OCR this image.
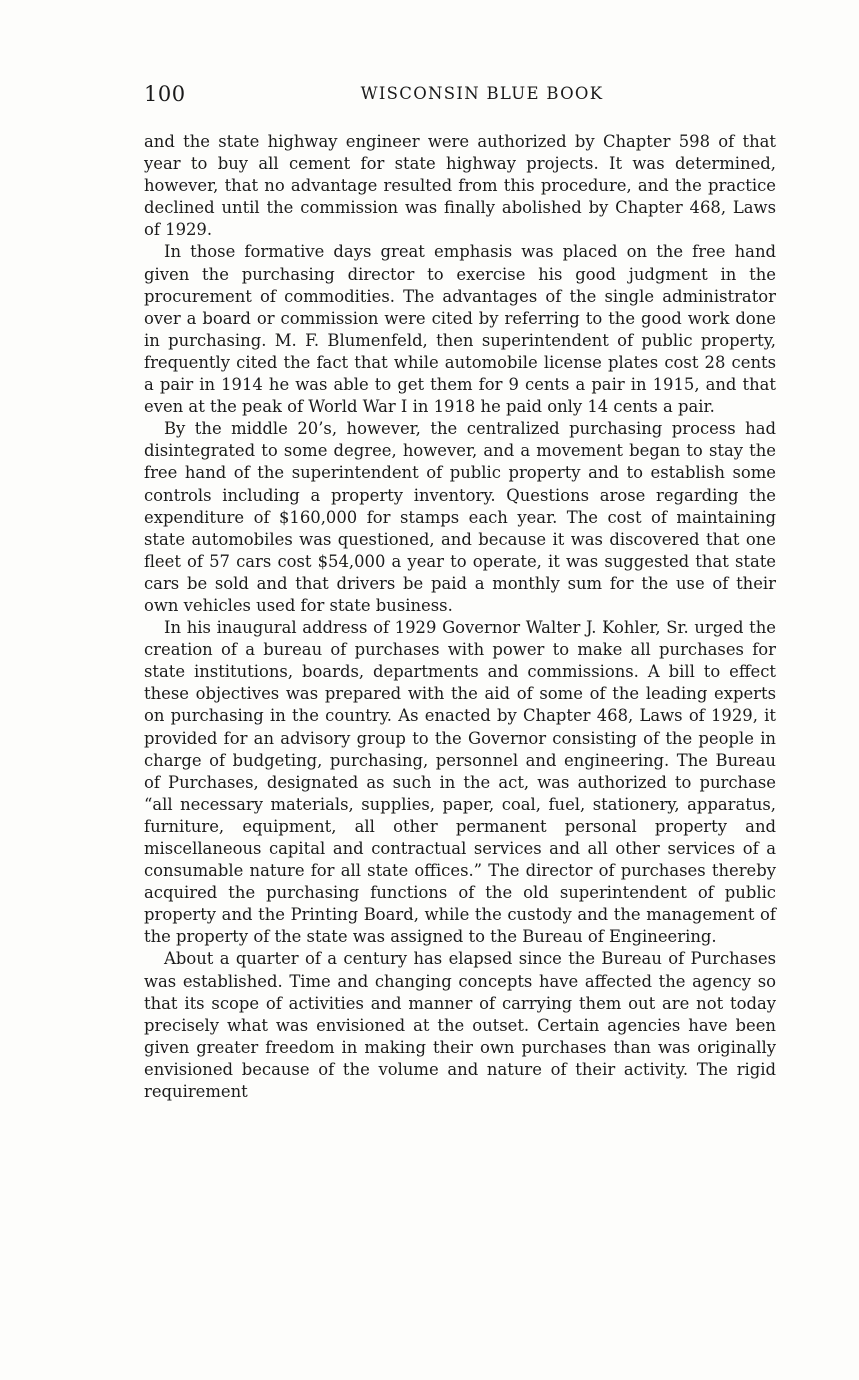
100	WISCONSIN BLUE BOOK

and the state highway engineer were authorized by Chapter 598 of that year to buy all cement for state highway projects. It was determined, however, that no advantage resulted from this procedure, and the practice declined until the commission was finally abolished by Chapter 468, Laws of 1929.

In those formative days great emphasis was placed on the free hand given the purchasing director to exercise his good judgment in the procurement of commodities. The advantages of the single administrator over a board or commission were cited by referring to the good work done in purchasing. M. F. Blumenfeld, then superintendent of public property, frequently cited the fact that while automobile license plates cost 28 cents a pair in 1914 he was able to get them for 9 cents a pair in 1915, and that even at the peak of World War I in 1918 he paid only 14 cents a pair.

By the middle 20’s, however, the centralized purchasing process had disintegrated to some degree, however, and a movement began to stay the free hand of the superintendent of public property and to establish some controls including a property inventory. Questions arose regarding the expenditure of $160,000 for stamps each year. The cost of maintaining state automobiles was questioned, and because it was discovered that one fleet of 57 cars cost $54,000 a year to operate, it was suggested that state cars be sold and that drivers be paid a monthly sum for the use of their own vehicles used for state business.

In his inaugural address of 1929 Governor Walter J. Kohler, Sr. urged the creation of a bureau of purchases with power to make all purchases for state institutions, boards, departments and commissions. A bill to effect these objectives was prepared with the aid of some of the leading experts on purchasing in the country. As enacted by Chapter 468, Laws of 1929, it provided for an advisory group to the Governor consisting of the people in charge of budgeting, purchasing, personnel and engineering. The Bureau of Purchases, designated as such in the act, was authorized to purchase “all necessary materials, supplies, paper, coal, fuel, stationery, apparatus, furniture, equipment, all other permanent personal property and miscellaneous capital and contractual services and all other services of a consumable nature for all state offices.” The director of purchases thereby acquired the purchasing functions of the old superintendent of public property and the Printing Board, while the custody and the management of the property of the state was assigned to the Bureau of Engineering.

About a quarter of a century has elapsed since the Bureau of Purchases was established. Time and changing concepts have affected the agency so that its scope of activities and manner of carrying them out are not today precisely what was envisioned at the outset. Certain agencies have been given greater freedom in making their own purchases than was originally envisioned because of the volume and nature of their activity. The rigid requirement
